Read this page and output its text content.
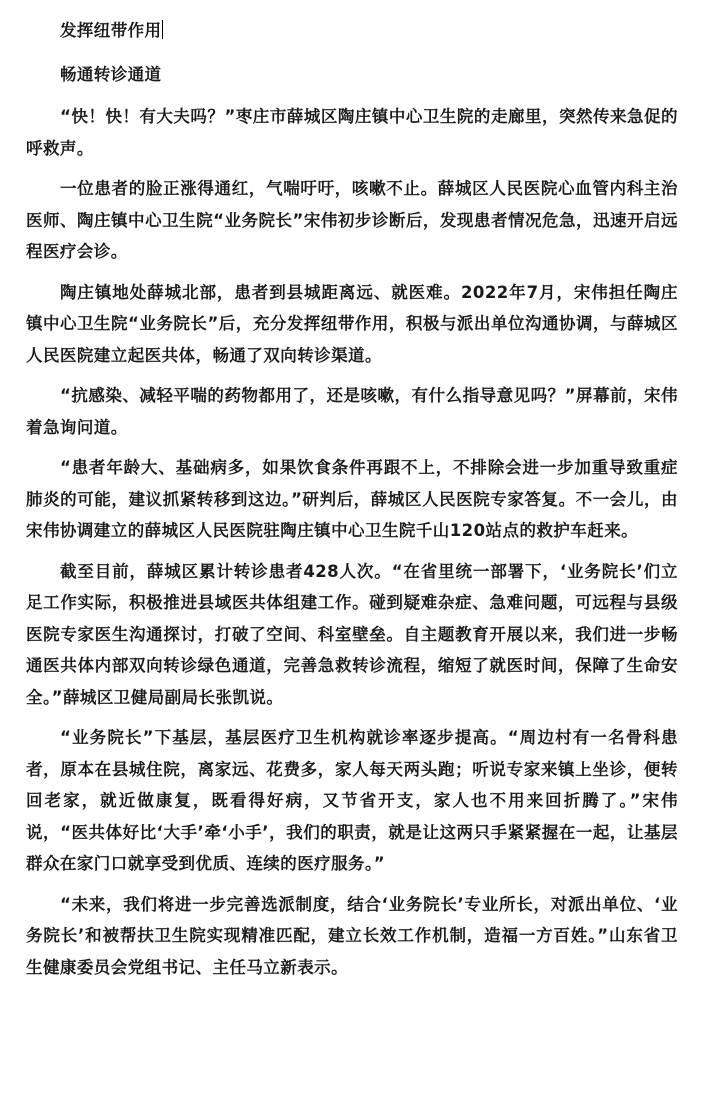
发挥纽带作用

畅通转诊通道

“快！快！有大夫吗？”枣庄市薛城区陶庄镇中心卫生院的走廊里，突然传来急促的呼救声。

一位患者的脸正涨得通红，气喘吁吁，咳嗽不止。薛城区人民医院心血管内科主治医师、陶庄镇中心卫生院“业务院长”宋伟初步诊断后，发现患者情况危急，迅速开启远程医疗会诊。

陶庄镇地处薛城北部，患者到县城距离远、就医难。2022年7月，宋伟担任陶庄镇中心卫生院“业务院长”后，充分发挥纽带作用，积极与派出单位沟通协调，与薛城区人民医院建立起医共体，畅通了双向转诊渠道。

“抗感染、减轻平喘的药物都用了，还是咳嗽，有什么指导意见吗？”屏幕前，宋伟着急询问道。

“患者年龄大、基础病多，如果饮食条件再跟不上，不排除会进一步加重导致重症肺炎的可能，建议抓紧转移到这边。”研判后，薛城区人民医院专家答复。不一会儿，由宋伟协调建立的薛城区人民医院驻陶庄镇中心卫生院千山120站点的救护车赶来。

截至目前，薛城区累计转诊患者428人次。“在省里统一部署下，‘业务院长’们立足工作实际，积极推进县域医共体组建工作。碰到疑难杂症、急难问题，可远程与县级医院专家医生沟通探讨，打破了空间、科室壁垒。自主题教育开展以来，我们进一步畅通医共体内部双向转诊绿色通道，完善急救转诊流程，缩短了就医时间，保障了生命安全。”薛城区卫健局副局长张凯说。

“业务院长”下基层，基层医疗卫生机构就诊率逐步提高。“周边村有一名骨科患者，原本在县城住院，离家远、花费多，家人每天两头跑；听说专家来镇上坐诊，便转回老家，就近做康复，既看得好病，又节省开支，家人也不用来回折腾了。”宋伟说，“医共体好比‘大手’牵‘小手’，我们的职责，就是让这两只手紧紧握在一起，让基层群众在家门口就享受到优质、连续的医疗服务。”

“未来，我们将进一步完善选派制度，结合‘业务院长’专业所长，对派出单位、‘业务院长’和被帮扶卫生院实现精准匹配，建立长效工作机制，造福一方百姓。”山东省卫生健康委员会党组书记、主任马立新表示。
